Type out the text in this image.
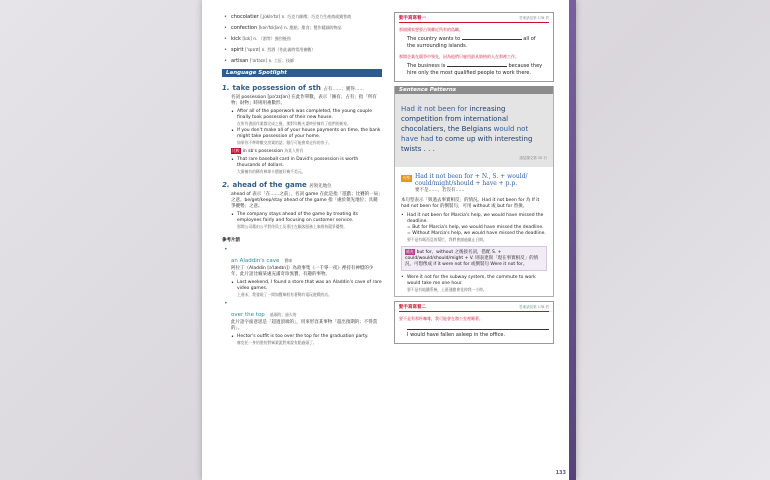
• chocolatier [ˌʃɑklə'tɪr] n. 巧克力師傅；巧克力生產商或銷售商
• confection [kən'fɛkʃən] n. 甜點；甜食；製作精細的物品
• kick [kɪk] n. （酒等）強烈後勁
• spirit ['spɪrɪt] n. 烈酒（作此義時常用複數）
• artisan ['ɑrtəzn] n. 工匠；技師
Language Spotlight
1. take possession of sth 占有……；獲得……

名詞 possession [pə'zɛʃən] 在此作單數，表示「擁有；占有」指「所有物；財物」時則用複數形。

• After all of the paperwork was completed, the young couple finally took possession of their new house.

在所有書面作業都完成之後，那對年輕夫妻終於擁有了他們的新家。

• If you don't make all of your house payments on time, the bank might take possession of your home.

如果你不準時繳交房貸的話，銀行可能會拿走你的房子。

比較 in sb's possession 為某人所有

• That rare baseball card in David's possession is worth thousands of dollars.

大衛擁有的稀有棒球卡價值好幾千美元。

2. ahead of the game 居領先地位

ahead of 表示「在……之前」，名詞 game 在此是指「遊戲；比賽的一局」之意。be/get/keep/stay ahead of the game 指「處於領先地位；具競爭優勢」之意。

• The company stays ahead of the game by treating its employees fairly and focusing on customer service.

那間公司藉由公平對待員工及專注在顧客服務上來維持競爭優勢。

參考片語
• an Aladdin's cave 寶庫

阿拉丁（Aladdin [ə'lædɪn]）為故事集《一千零一夜》裡持有神燈的少年，此片語比喻某處充滿奇珍異寶，有趣的事物。

• Last weekend, I found a store that was an Aladdin's cave of rare video games.

上週末，我發現了一間如寶庫般有著稀有電玩遊戲的店。

• over the top 過頭的；過火的

此片語字面意思是「超過頂端的」，用來形容某事物「超出預期的；不得當的」。

• Hector's outfit is too over the top for the graduation party.

赫克托一身的裝扮對畢業派對來說有點過頭了。

動手寫寫看一	答案請見第 176 頁

那個國家想要占領鄰近所有的島嶼。

The country wants to	all of
the surrounding islands.

那間企業在競爭中領先，因為他們只雇用最具資格的人在那裡工作。

The business is	because they
hire only the most qualified people to work there.

Sentence Patterns

Had it not been for increasing competition from international chocolatiers, the Belgians would not have had to come up with interesting twists . . .

請見課文第 10 行

句型 Had it not been for + N., S. + would/
could/might/should + have + p.p.
要不是……，若沒有……

本句型表示「與過去事實相反」的情況。Had it not been for 為 If it had not been for 的倒裝句，可用 without 或 but for 替換。

• Had it not been for Marcia's help, we would have missed the deadline.
= But for Marcia's help, we would have missed the deadline.
= Without Marcia's help, we would have missed the deadline.

要不是有瑪西亞的幫忙，我們會錯過截止日期。

補充 but for、without 之後接名詞，搭配 S. + could/would/should/might + V. 則表達與「現在事實相反」的情況，可想像成 if it were not for 或倒裝句 Were it not for。
• Were it not for the subway system, the commute to work would take me one hour.

要不是有地鐵系統，上班通勤會花掉我一小時。

動手寫寫看二	答案請見第 176 頁

要不是有那杯咖啡，我可能會在辦公室裡睡著。

I would have fallen asleep in the office.

133
